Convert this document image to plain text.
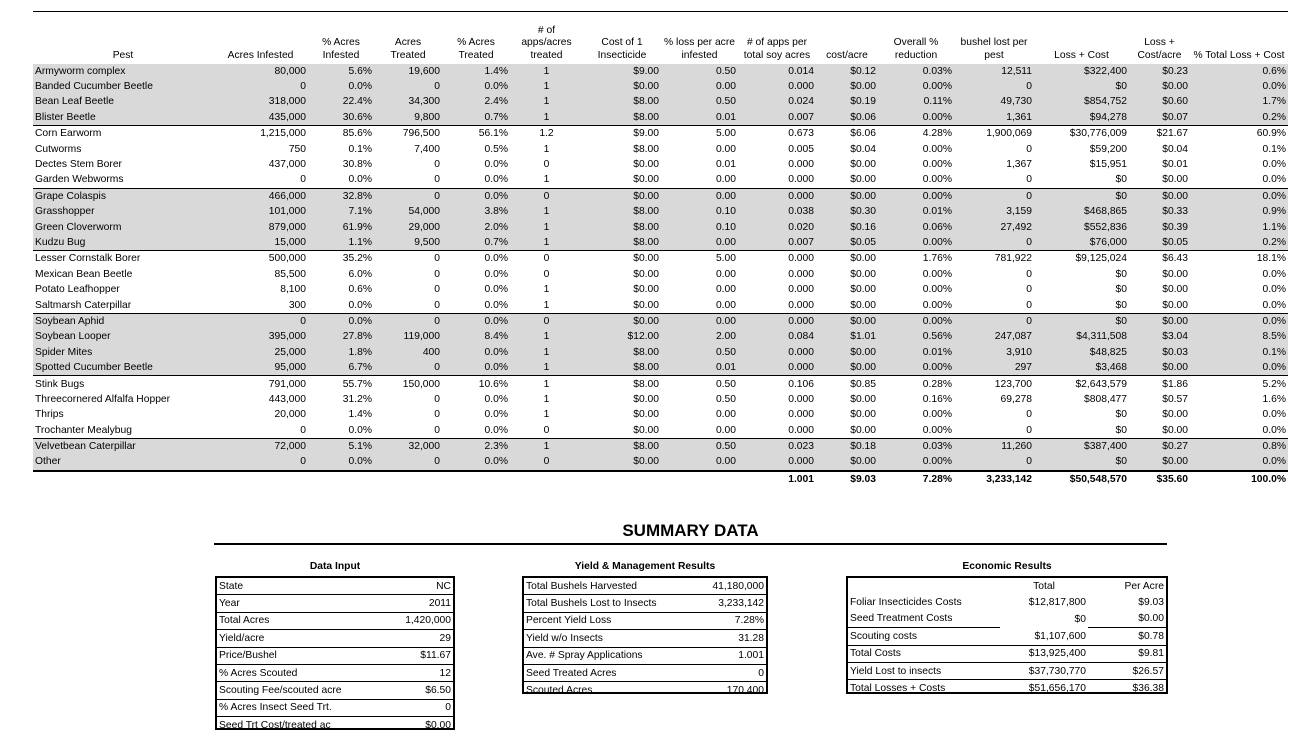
Pest	Acres Infested	% Acres Infested	Acres Treated	% Acres Treated	# of apps/acres treated	Cost of 1 Insecticide	% loss per acre infested	# of apps per total soy acres	cost/acre	Overall % reduction	bushel lost per pest	Loss + Cost	Loss + Cost/acre	% Total Loss + Cost
Armyworm complex	80,000	5.6%	19,600	1.4%	1	$9.00	0.50	0.014	$0.12	0.03%	12,511	$322,400	$0.23	0.6%
Banded Cucumber Beetle	0	0.0%	0	0.0%	1	$0.00	0.00	0.000	$0.00	0.00%	0	$0	$0.00	0.0%
Bean Leaf Beetle	318,000	22.4%	34,300	2.4%	1	$8.00	0.50	0.024	$0.19	0.11%	49,730	$854,752	$0.60	1.7%
Blister Beetle	435,000	30.6%	9,800	0.7%	1	$8.00	0.01	0.007	$0.06	0.00%	1,361	$94,278	$0.07	0.2%
Corn Earworm	1,215,000	85.6%	796,500	56.1%	1.2	$9.00	5.00	0.673	$6.06	4.28%	1,900,069	$30,776,009	$21.67	60.9%
Cutworms	750	0.1%	7,400	0.5%	1	$8.00	0.00	0.005	$0.04	0.00%	0	$59,200	$0.04	0.1%
Dectes Stem Borer	437,000	30.8%	0	0.0%	0	$0.00	0.01	0.000	$0.00	0.00%	1,367	$15,951	$0.01	0.0%
Garden Webworms	0	0.0%	0	0.0%	1	$0.00	0.00	0.000	$0.00	0.00%	0	$0	$0.00	0.0%
Grape Colaspis	466,000	32.8%	0	0.0%	0	$0.00	0.00	0.000	$0.00	0.00%	0	$0	$0.00	0.0%
Grasshopper	101,000	7.1%	54,000	3.8%	1	$8.00	0.10	0.038	$0.30	0.01%	3,159	$468,865	$0.33	0.9%
Green Cloverworm	879,000	61.9%	29,000	2.0%	1	$8.00	0.10	0.020	$0.16	0.06%	27,492	$552,836	$0.39	1.1%
Kudzu Bug	15,000	1.1%	9,500	0.7%	1	$8.00	0.00	0.007	$0.05	0.00%	0	$76,000	$0.05	0.2%
Lesser Cornstalk Borer	500,000	35.2%	0	0.0%	0	$0.00	5.00	0.000	$0.00	1.76%	781,922	$9,125,024	$6.43	18.1%
Mexican Bean Beetle	85,500	6.0%	0	0.0%	0	$0.00	0.00	0.000	$0.00	0.00%	0	$0	$0.00	0.0%
Potato Leafhopper	8,100	0.6%	0	0.0%	1	$0.00	0.00	0.000	$0.00	0.00%	0	$0	$0.00	0.0%
Saltmarsh Caterpillar	300	0.0%	0	0.0%	1	$0.00	0.00	0.000	$0.00	0.00%	0	$0	$0.00	0.0%
Soybean Aphid	0	0.0%	0	0.0%	0	$0.00	0.00	0.000	$0.00	0.00%	0	$0	$0.00	0.0%
Soybean Looper	395,000	27.8%	119,000	8.4%	1	$12.00	2.00	0.084	$1.01	0.56%	247,087	$4,311,508	$3.04	8.5%
Spider Mites	25,000	1.8%	400	0.0%	1	$8.00	0.50	0.000	$0.00	0.01%	3,910	$48,825	$0.03	0.1%
Spotted Cucumber Beetle	95,000	6.7%	0	0.0%	1	$8.00	0.01	0.000	$0.00	0.00%	297	$3,468	$0.00	0.0%
Stink Bugs	791,000	55.7%	150,000	10.6%	1	$8.00	0.50	0.106	$0.85	0.28%	123,700	$2,643,579	$1.86	5.2%
Threecornered Alfalfa Hopper	443,000	31.2%	0	0.0%	1	$0.00	0.50	0.000	$0.00	0.16%	69,278	$808,477	$0.57	1.6%
Thrips	20,000	1.4%	0	0.0%	1	$0.00	0.00	0.000	$0.00	0.00%	0	$0	$0.00	0.0%
Trochanter Mealybug	0	0.0%	0	0.0%	0	$0.00	0.00	0.000	$0.00	0.00%	0	$0	$0.00	0.0%
Velvetbean Caterpillar	72,000	5.1%	32,000	2.3%	1	$8.00	0.50	0.023	$0.18	0.03%	11,260	$387,400	$0.27	0.8%
Other	0	0.0%	0	0.0%	0	$0.00	0.00	0.000	$0.00	0.00%	0	$0	$0.00	0.0%
								1.001	$9.03	7.28%	3,233,142	$50,548,570	$35.60	100.0%
SUMMARY DATA
Data Input
State	NC
Year	2011
Total Acres	1,420,000
Yield/acre	29
Price/Bushel	$11.67
% Acres Scouted	12
Scouting Fee/scouted acre	$6.50
% Acres Insect Seed Trt.	0
Seed Trt Cost/treated ac	$0.00
Yield & Management Results
Total Bushels Harvested	41,180,000
Total Bushels Lost to Insects	3,233,142
Percent Yield Loss	7.28%
Yield w/o Insects	31.28
Ave. # Spray Applications	1.001
Seed Treated Acres	0
Scouted Acres	170,400
Economic Results
	Total	Per Acre
Foliar Insecticides Costs	$12,817,800	$9.03
Seed Treatment Costs	$0	$0.00
Scouting costs	$1,107,600	$0.78
Total Costs	$13,925,400	$9.81
Yield Lost to insects	$37,730,770	$26.57
Total Losses + Costs	$51,656,170	$36.38
